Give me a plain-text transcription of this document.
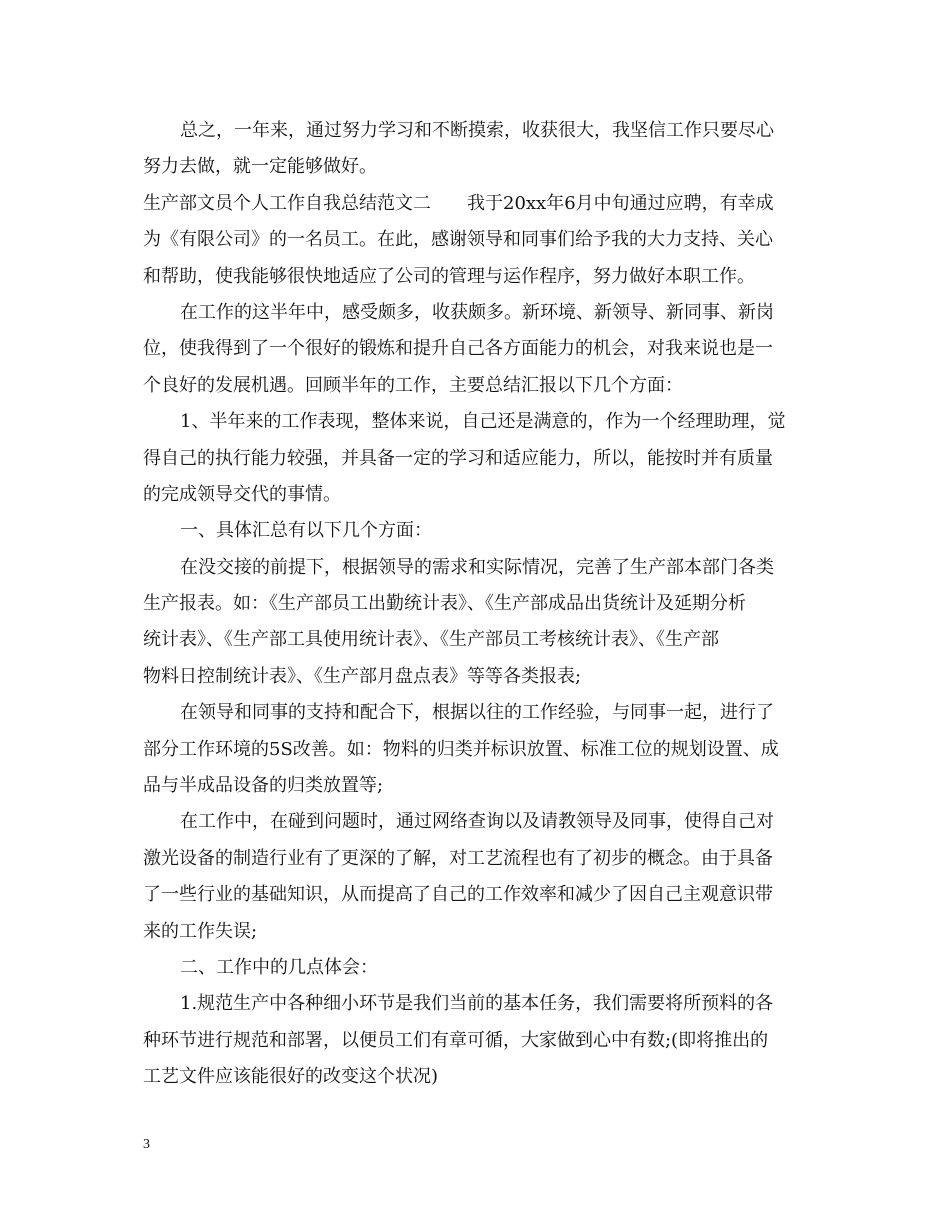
总之，一年来，通过努力学习和不断摸索，收获很大，我坚信工作只要尽心
努力去做，就一定能够做好。
生产部文员个人工作自我总结范文二　　我于20xx年6月中旬通过应聘，有幸成
为《有限公司》的一名员工。在此，感谢领导和同事们给予我的大力支持、关心
和帮助，使我能够很快地适应了公司的管理与运作程序，努力做好本职工作。
在工作的这半年中，感受颇多，收获颇多。新环境、新领导、新同事、新岗
位，使我得到了一个很好的锻炼和提升自己各方面能力的机会，对我来说也是一
个良好的发展机遇。回顾半年的工作，主要总结汇报以下几个方面：
1、半年来的工作表现，整体来说，自己还是满意的，作为一个经理助理，觉
得自己的执行能力较强，并具备一定的学习和适应能力，所以，能按时并有质量
的完成领导交代的事情。
一、具体汇总有以下几个方面：
在没交接的前提下，根据领导的需求和实际情况，完善了生产部本部门各类
生产报表。如：《生产部员工出勤统计表》、《生产部成品出货统计及延期分析
统计表》、《生产部工具使用统计表》、《生产部员工考核统计表》、《生产部
物料日控制统计表》、《生产部月盘点表》等等各类报表;
在领导和同事的支持和配合下，根据以往的工作经验，与同事一起，进行了
部分工作环境的5S改善。如：物料的归类并标识放置、标准工位的规划设置、成
品与半成品设备的归类放置等;
在工作中，在碰到问题时，通过网络查询以及请教领导及同事，使得自己对
激光设备的制造行业有了更深的了解，对工艺流程也有了初步的概念。由于具备
了一些行业的基础知识，从而提高了自己的工作效率和减少了因自己主观意识带
来的工作失误;
二、工作中的几点体会：
1.规范生产中各种细小环节是我们当前的基本任务，我们需要将所预料的各
种环节进行规范和部署，以便员工们有章可循，大家做到心中有数;(即将推出的
工艺文件应该能很好的改变这个状况)
3
